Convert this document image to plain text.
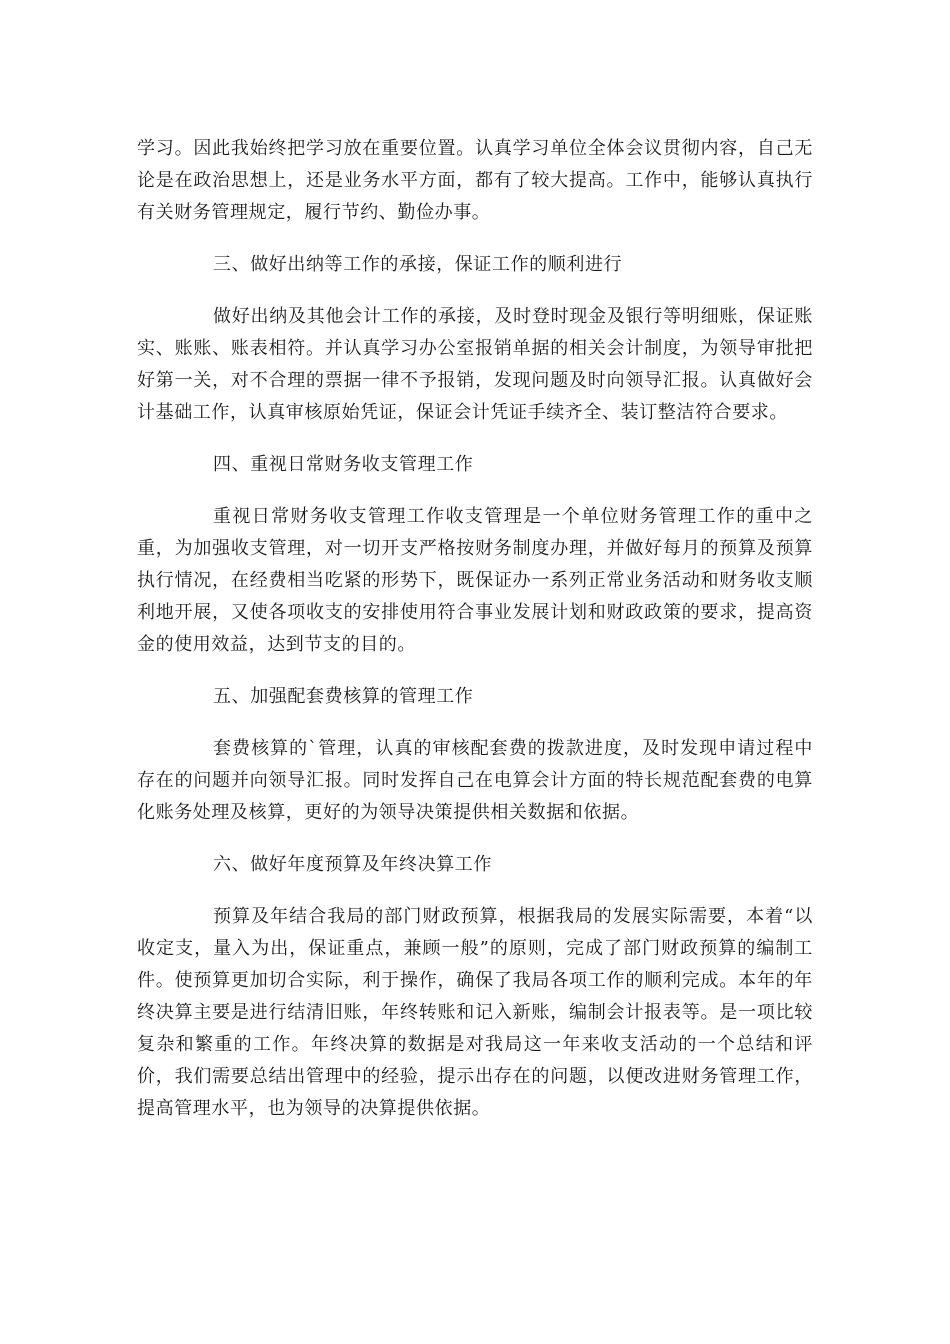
学习。因此我始终把学习放在重要位置。认真学习单位全体会议贯彻内容，自己无论是在政治思想上，还是业务水平方面，都有了较大提高。工作中，能够认真执行有关财务管理规定，履行节约、勤俭办事。

三、做好出纳等工作的承接，保证工作的顺利进行

做好出纳及其他会计工作的承接，及时登时现金及银行等明细账，保证账实、账账、账表相符。并认真学习办公室报销单据的相关会计制度，为领导审批把好第一关，对不合理的票据一律不予报销，发现问题及时向领导汇报。认真做好会计基础工作，认真审核原始凭证，保证会计凭证手续齐全、装订整洁符合要求。

四、重视日常财务收支管理工作

重视日常财务收支管理工作收支管理是一个单位财务管理工作的重中之重，为加强收支管理，对一切开支严格按财务制度办理，并做好每月的预算及预算执行情况，在经费相当吃紧的形势下，既保证办一系列正常业务活动和财务收支顺利地开展，又使各项收支的安排使用符合事业发展计划和财政政策的要求，提高资金的使用效益，达到节支的目的。

五、加强配套费核算的管理工作

套费核算的`管理，认真的审核配套费的拨款进度，及时发现申请过程中存在的问题并向领导汇报。同时发挥自己在电算会计方面的特长规范配套费的电算化账务处理及核算，更好的为领导决策提供相关数据和依据。

六、做好年度预算及年终决算工作

预算及年结合我局的部门财政预算，根据我局的发展实际需要，本着“以收定支，量入为出，保证重点，兼顾一般”的原则，完成了部门财政预算的编制工件。使预算更加切合实际，利于操作，确保了我局各项工作的顺利完成。本年的年终决算主要是进行结清旧账，年终转账和记入新账，编制会计报表等。是一项比较复杂和繁重的工作。年终决算的数据是对我局这一年来收支活动的一个总结和评价，我们需要总结出管理中的经验，提示出存在的问题，以便改进财务管理工作，提高管理水平，也为领导的决算提供依据。
